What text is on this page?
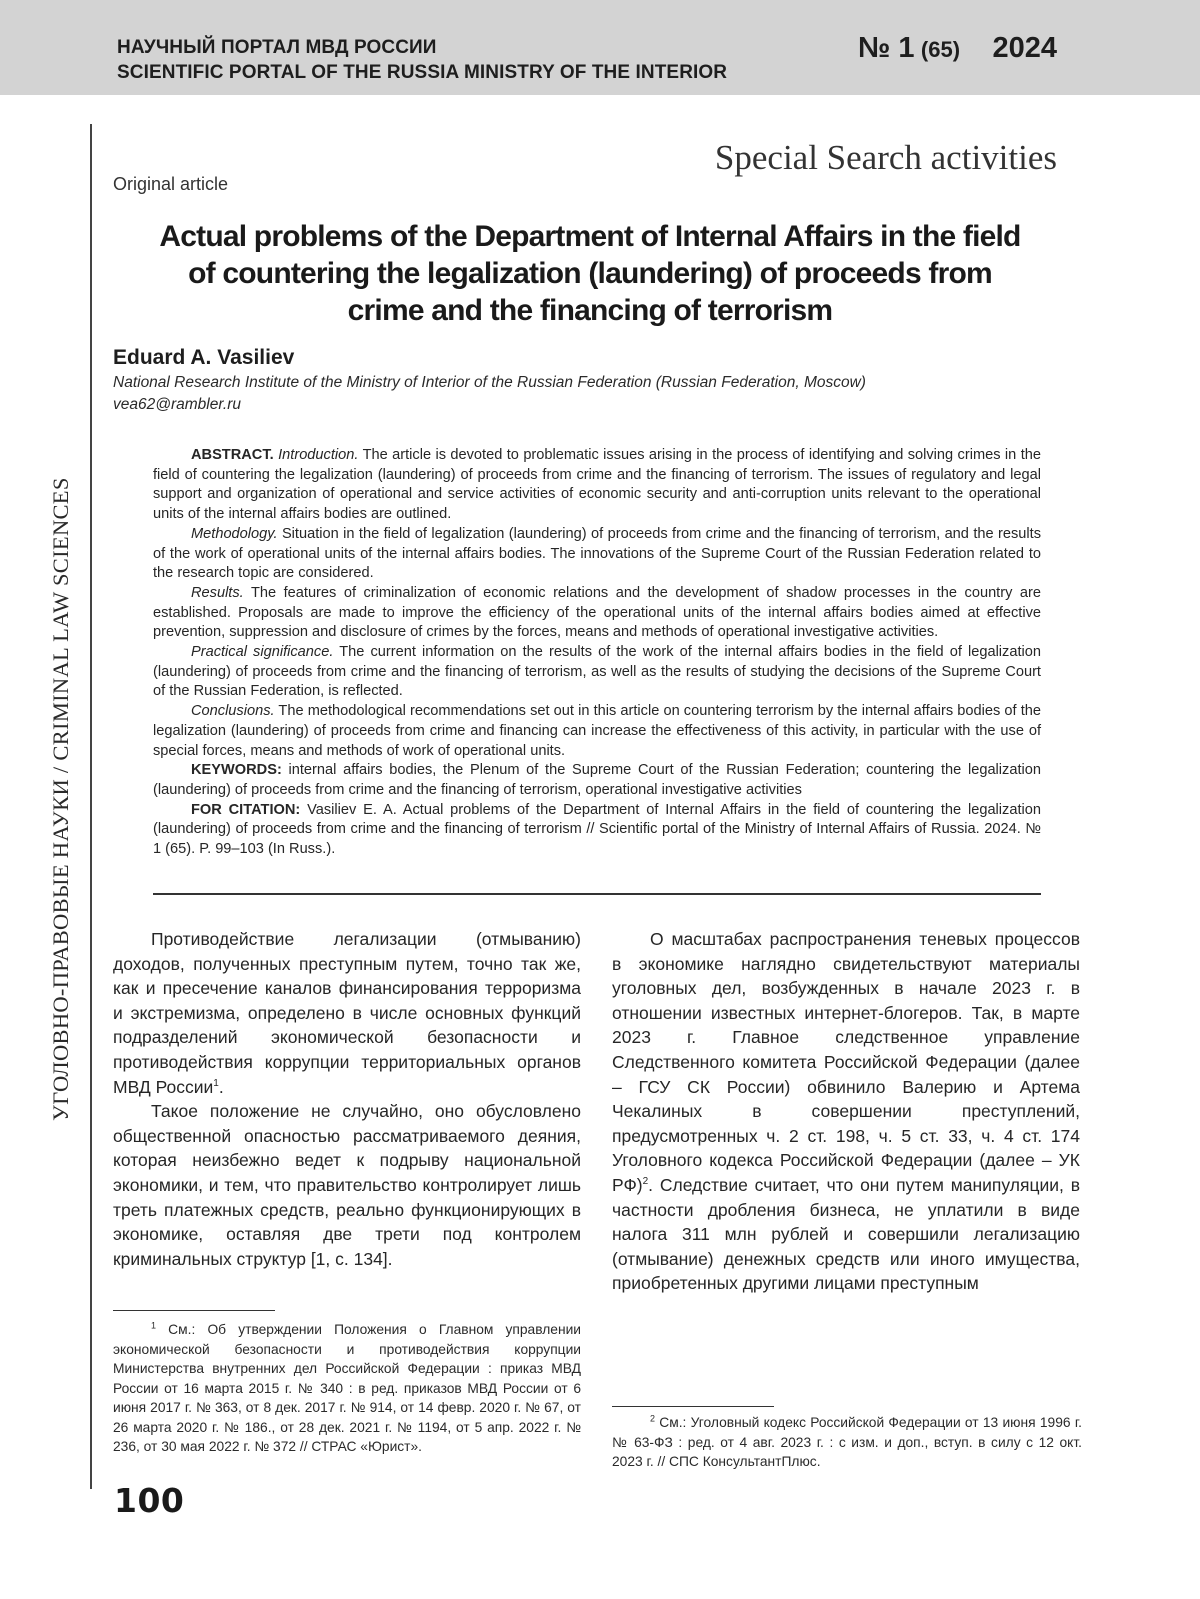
НАУЧНЫЙ ПОРТАЛ МВД РОССИИ
SCIENTIFIC PORTAL OF THE RUSSIA MINISTRY OF THE INTERIOR
№ 1 (65) 2024
УГОЛОВНО-ПРАВОВЫЕ НАУКИ / CRIMINAL LAW SCIENCES
Special Search activities
Original article
Actual problems of the Department of Internal Affairs in the field of countering the legalization (laundering) of proceeds from crime and the financing of terrorism
Eduard A. Vasiliev
National Research Institute of the Ministry of Interior of the Russian Federation (Russian Federation, Moscow)
vea62@rambler.ru

ABSTRACT. Introduction. The article is devoted to problematic issues arising in the process of identifying and solving crimes in the field of countering the legalization (laundering) of proceeds from crime and the financing of terrorism. The issues of regulatory and legal support and organization of operational and service activities of economic security and anti-corruption units relevant to the operational units of the internal affairs bodies are outlined.

Methodology. Situation in the field of legalization (laundering) of proceeds from crime and the financing of terrorism, and the results of the work of operational units of the internal affairs bodies. The innovations of the Supreme Court of the Russian Federation related to the research topic are considered.

Results. The features of criminalization of economic relations and the development of shadow processes in the country are established. Proposals are made to improve the efficiency of the operational units of the internal affairs bodies aimed at effective prevention, suppression and disclosure of crimes by the forces, means and methods of operational investigative activities.

Practical significance. The current information on the results of the work of the internal affairs bodies in the field of legalization (laundering) of proceeds from crime and the financing of terrorism, as well as the results of studying the decisions of the Supreme Court of the Russian Federation, is reflected.

Conclusions. The methodological recommendations set out in this article on countering terrorism by the internal affairs bodies of the legalization (laundering) of proceeds from crime and financing can increase the effectiveness of this activity, in particular with the use of special forces, means and methods of work of operational units.

KEYWORDS: internal affairs bodies, the Plenum of the Supreme Court of the Russian Federation; countering the legalization (laundering) of proceeds from crime and the financing of terrorism, operational investigative activities

FOR CITATION: Vasiliev E. A. Actual problems of the Department of Internal Affairs in the field of countering the legalization (laundering) of proceeds from crime and the financing of terrorism // Scientific portal of the Ministry of Internal Affairs of Russia. 2024. № 1 (65). P. 99–103 (In Russ.).

Противодействие легализации (отмыванию) доходов, полученных преступным путем, точно так же, как и пресечение каналов финансирования терроризма и экстремизма, определено в числе основных функций подразделений экономической безопасности и противодействия коррупции территориальных органов МВД России$^1$.

Такое положение не случайно, оно обусловлено общественной опасностью рассматриваемого деяния, которая неизбежно ведет к подрыву национальной экономики, и тем, что правительство контролирует лишь треть платежных средств, реально функционирующих в экономике, оставляя две трети под контролем криминальных структур [1, с. 134].

О масштабах распространения теневых процессов в экономике наглядно свидетельствуют материалы уголовных дел, возбужденных в начале 2023 г. в отношении известных интернет-блогеров. Так, в марте 2023 г. Главное следственное управление Следственного комитета Российской Федерации (далее – ГСУ СК России) обвинило Валерию и Артема Чекалиных в совершении преступлений, предусмотренных ч. 2 ст. 198, ч. 5 ст. 33, ч. 4 ст. 174 Уголовного кодекса Российской Федерации (далее – УК РФ)$^2$. Следствие считает, что они путем манипуляции, в частности дробления бизнеса, не уплатили в виде налога 311 млн рублей и совершили легализацию (отмывание) денежных средств или иного имущества, приобретенных другими лицами преступным

$^1$ См.: Об утверждении Положения о Главном управлении экономической безопасности и противодействия коррупции Министерства внутренних дел Российской Федерации : приказ МВД России от 16 марта 2015 г. № 340 : в ред. приказов МВД России от 6 июня 2017 г. № 363, от 8 дек. 2017 г. № 914, от 14 февр. 2020 г. № 67, от 26 марта 2020 г. № 186., от 28 дек. 2021 г. № 1194, от 5 апр. 2022 г. № 236, от 30 мая 2022 г. № 372 // СТРАС «Юрист».

$^2$ См.: Уголовный кодекс Российской Федерации от 13 июня 1996 г. № 63-ФЗ : ред. от 4 авг. 2023 г. : с изм. и доп., вступ. в силу с 12 окт. 2023 г. // СПС КонсультантПлюс.

100
